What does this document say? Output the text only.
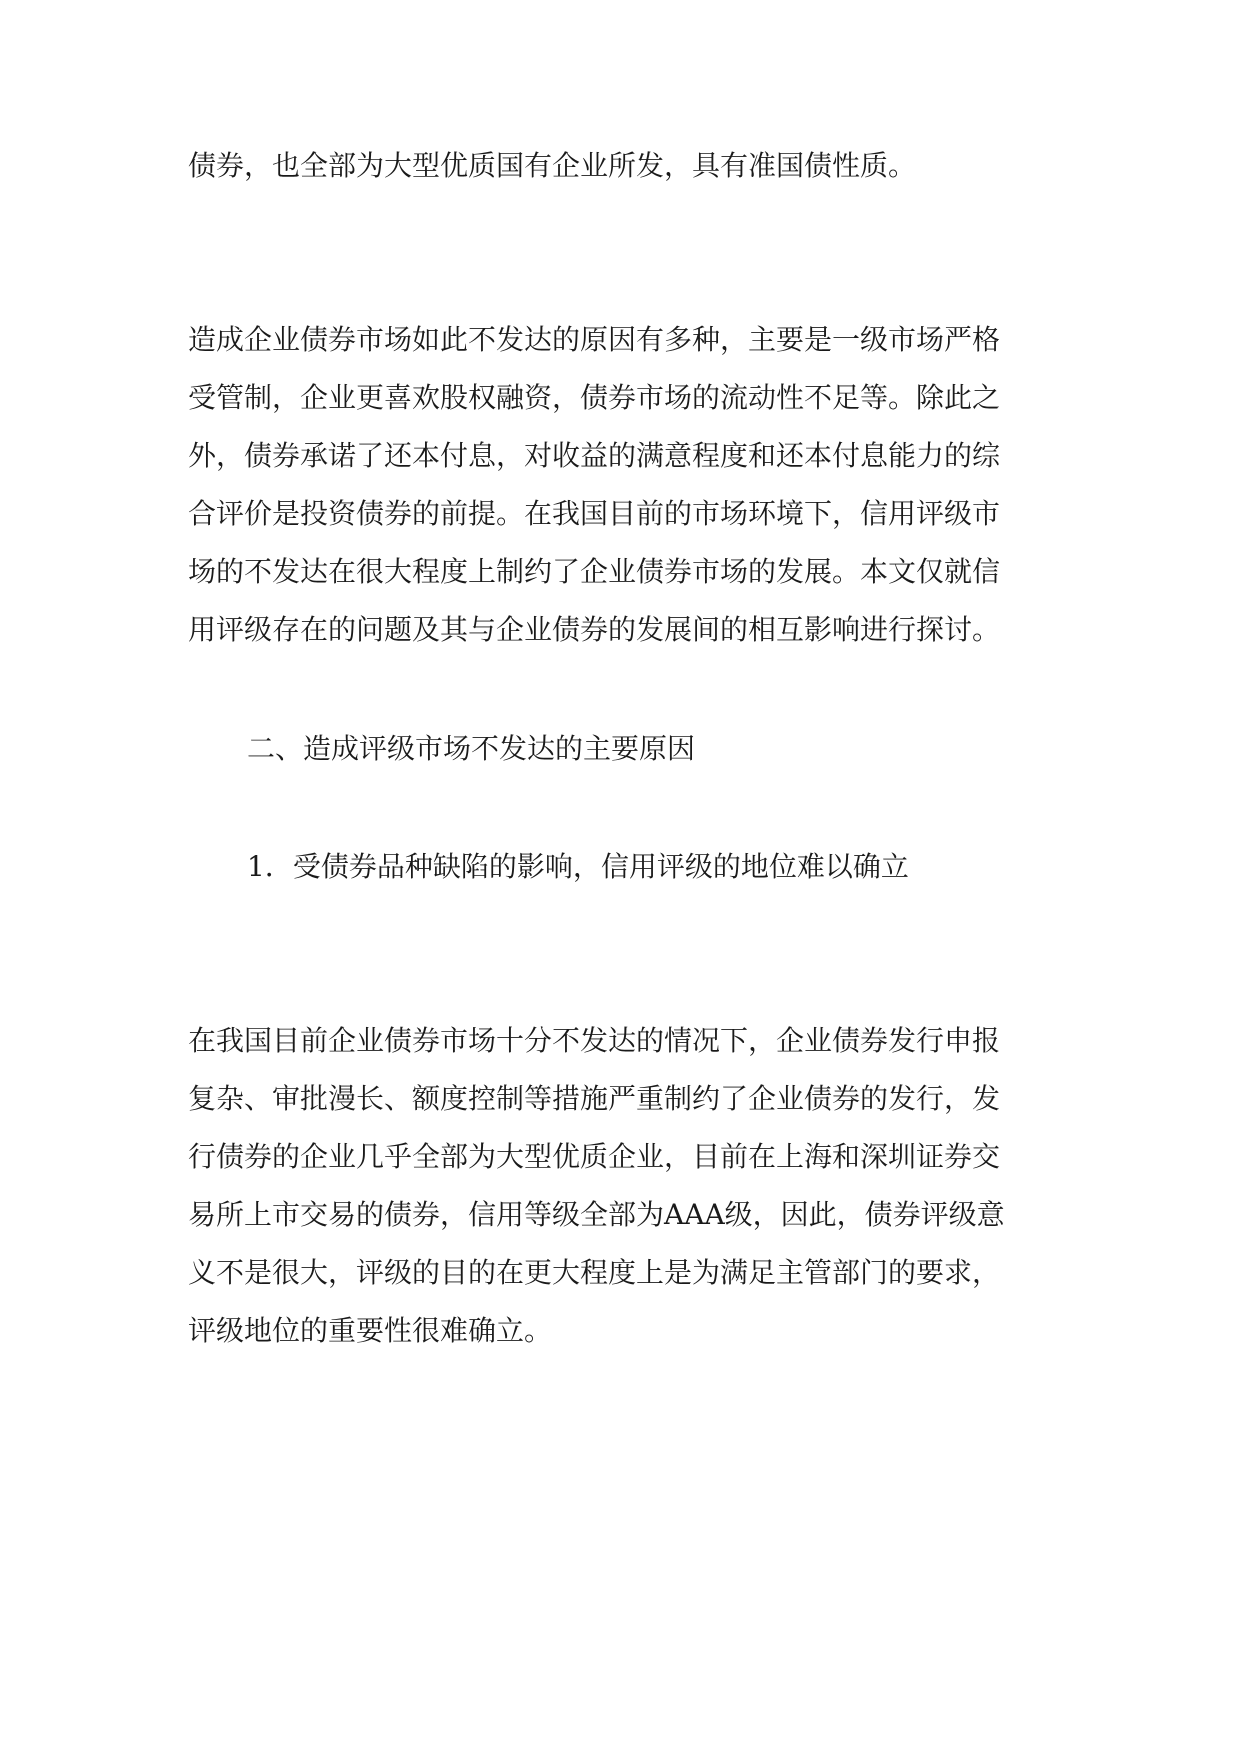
债券，也全部为大型优质国有企业所发，具有准国债性质。
造成企业债券市场如此不发达的原因有多种，主要是一级市场严格
受管制，企业更喜欢股权融资，债券市场的流动性不足等。除此之
外，债券承诺了还本付息，对收益的满意程度和还本付息能力的综
合评价是投资债券的前提。在我国目前的市场环境下，信用评级市
场的不发达在很大程度上制约了企业债券市场的发展。本文仅就信
用评级存在的问题及其与企业债券的发展间的相互影响进行探讨。
二、造成评级市场不发达的主要原因
1．受债券品种缺陷的影响，信用评级的地位难以确立
在我国目前企业债券市场十分不发达的情况下，企业债券发行申报
复杂、审批漫长、额度控制等措施严重制约了企业债券的发行，发
行债券的企业几乎全部为大型优质企业，目前在上海和深圳证券交
易所上市交易的债券，信用等级全部为AAA级，因此，债券评级意
义不是很大，评级的目的在更大程度上是为满足主管部门的要求，
评级地位的重要性很难确立。
